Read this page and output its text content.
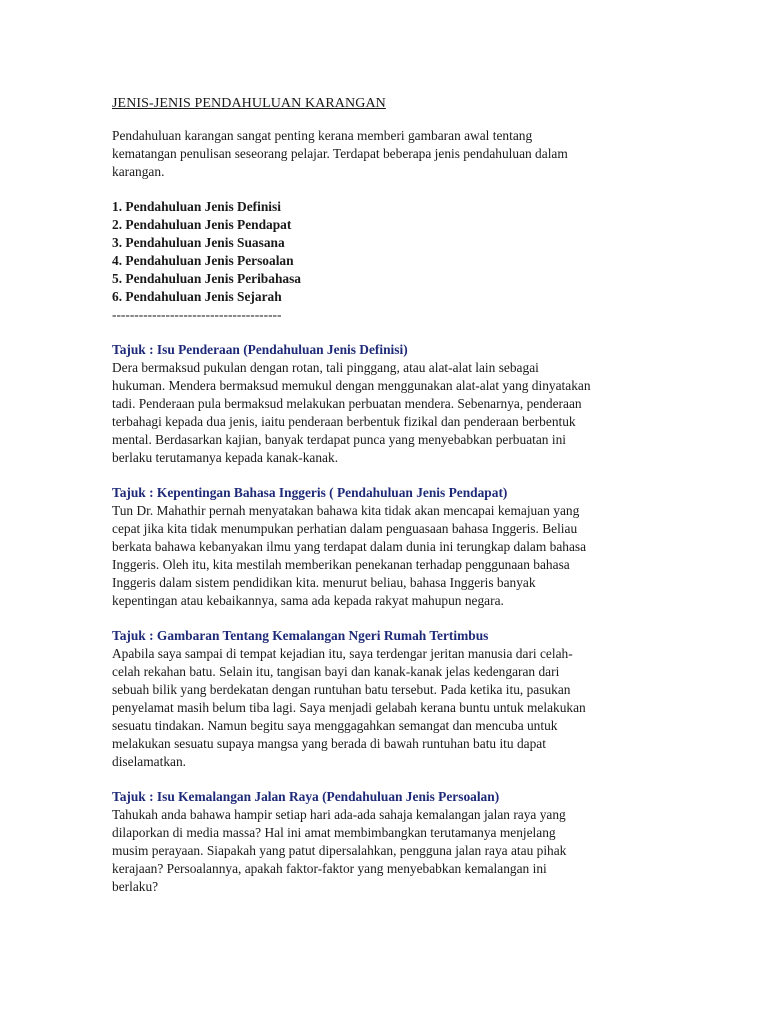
JENIS-JENIS PENDAHULUAN KARANGAN

Pendahuluan karangan sangat penting kerana memberi gambaran awal tentang
kematangan penulisan seseorang pelajar. Terdapat beberapa jenis pendahuluan dalam
karangan.

1. Pendahuluan Jenis Definisi
2. Pendahuluan Jenis Pendapat
3. Pendahuluan Jenis Suasana
4. Pendahuluan Jenis Persoalan
5. Pendahuluan Jenis Peribahasa
6. Pendahuluan Jenis Sejarah
--------------------------------------
Tajuk : Isu Penderaan (Pendahuluan Jenis Definisi)

Dera bermaksud pukulan dengan rotan, tali pinggang, atau alat-alat lain sebagai
hukuman. Mendera bermaksud memukul dengan menggunakan alat-alat yang dinyatakan
tadi. Penderaan pula bermaksud melakukan perbuatan mendera. Sebenarnya, penderaan
terbahagi kepada dua jenis, iaitu penderaan berbentuk fizikal dan penderaan berbentuk
mental. Berdasarkan kajian, banyak terdapat punca yang menyebabkan perbuatan ini
berlaku terutamanya kepada kanak-kanak.

Tajuk : Kepentingan Bahasa Inggeris ( Pendahuluan Jenis Pendapat)

Tun Dr. Mahathir pernah menyatakan bahawa kita tidak akan mencapai kemajuan yang
cepat jika kita tidak menumpukan perhatian dalam penguasaan bahasa Inggeris. Beliau
berkata bahawa kebanyakan ilmu yang terdapat dalam dunia ini terungkap dalam bahasa
Inggeris. Oleh itu, kita mestilah memberikan penekanan terhadap penggunaan bahasa
Inggeris dalam sistem pendidikan kita. menurut beliau, bahasa Inggeris banyak
kepentingan atau kebaikannya, sama ada kepada rakyat mahupun negara.

Tajuk : Gambaran Tentang Kemalangan Ngeri Rumah Tertimbus

Apabila saya sampai di tempat kejadian itu, saya terdengar jeritan manusia dari celah-
celah rekahan batu. Selain itu, tangisan bayi dan kanak-kanak jelas kedengaran dari
sebuah bilik yang berdekatan dengan runtuhan batu tersebut. Pada ketika itu, pasukan
penyelamat masih belum tiba lagi. Saya menjadi gelabah kerana buntu untuk melakukan
sesuatu tindakan. Namun begitu saya menggagahkan semangat dan mencuba untuk
melakukan sesuatu supaya mangsa yang berada di bawah runtuhan batu itu dapat
diselamatkan.

Tajuk : Isu Kemalangan Jalan Raya (Pendahuluan Jenis Persoalan)

Tahukah anda bahawa hampir setiap hari ada-ada sahaja kemalangan jalan raya yang
dilaporkan di media massa? Hal ini amat membimbangkan terutamanya menjelang
musim perayaan. Siapakah yang patut dipersalahkan, pengguna jalan raya atau pihak
kerajaan? Persoalannya, apakah faktor-faktor yang menyebabkan kemalangan ini
berlaku?
